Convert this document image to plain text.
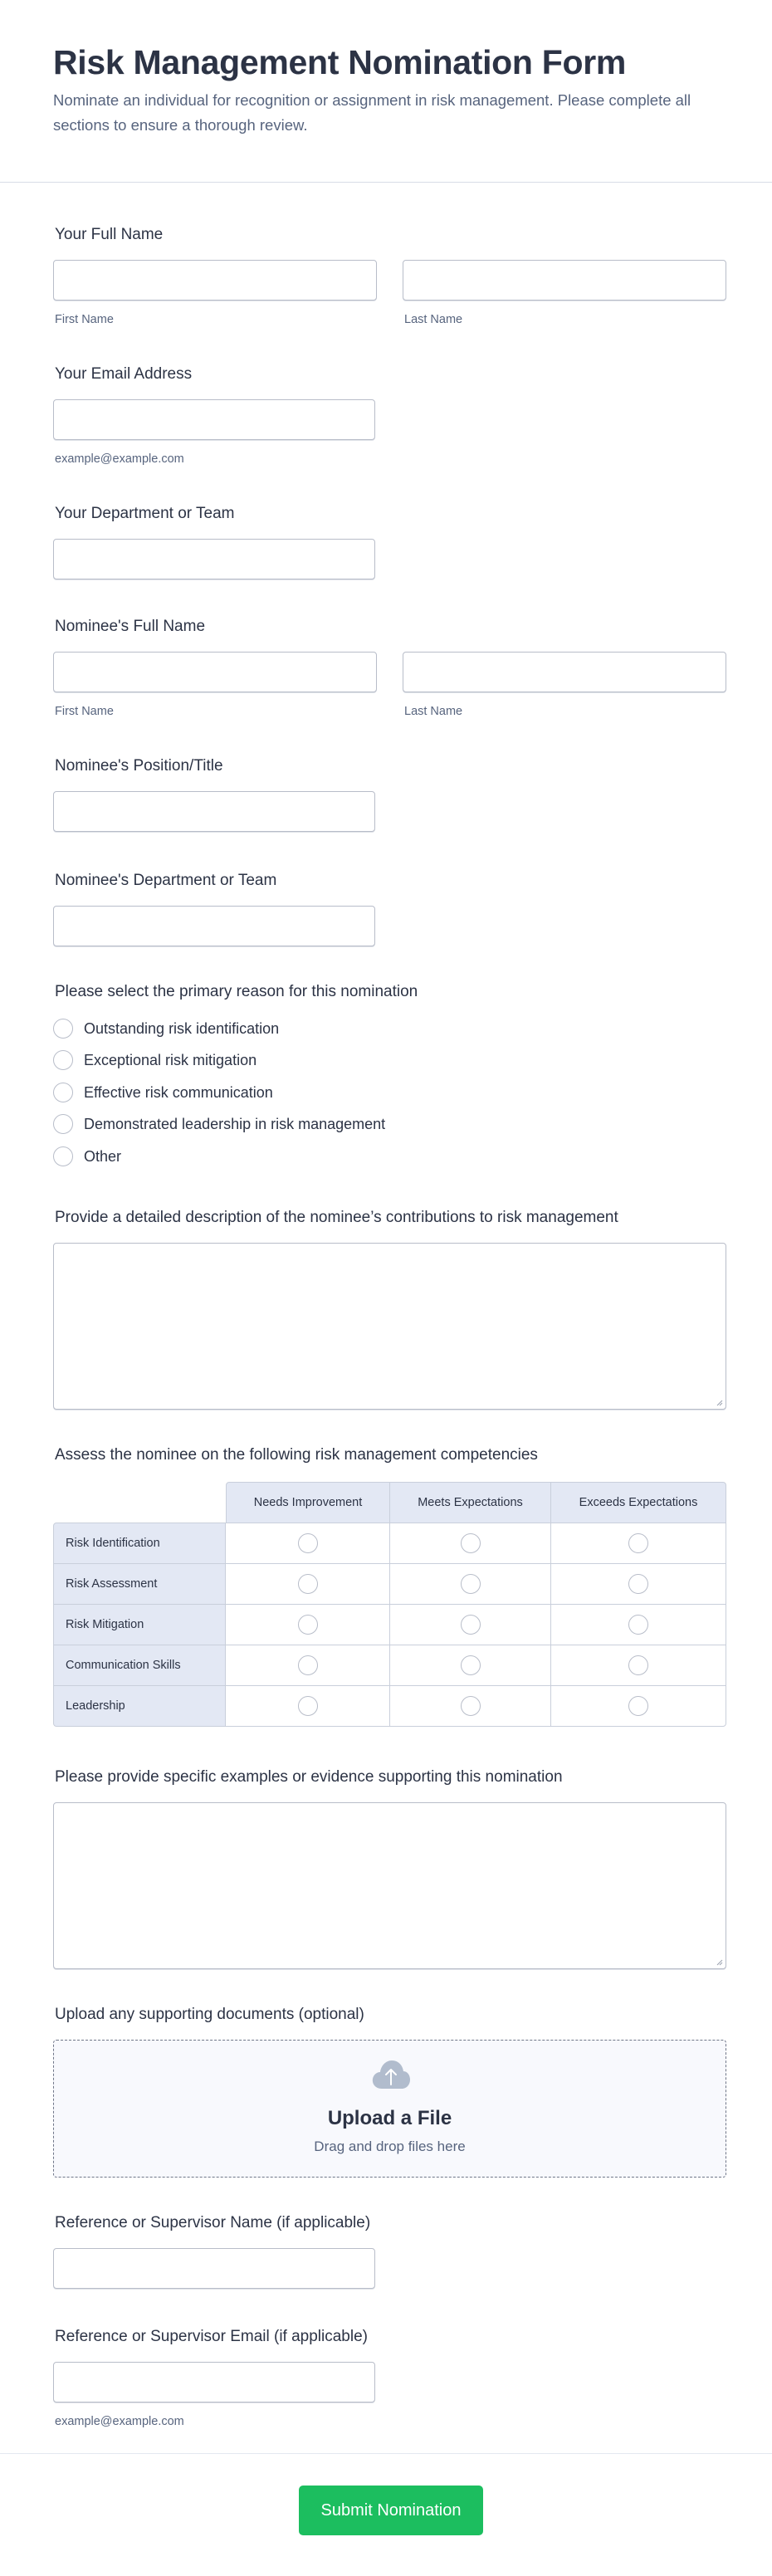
Risk Management Nomination Form

Nominate an individual for recognition or assignment in risk management. Please complete all sections to ensure a thorough review.

Your Full Name
First Name	Last Name
Your Email Address
example@example.com
Your Department or Team
Nominee's Full Name
First Name	Last Name
Nominee's Position/Title
Nominee's Department or Team
Please select the primary reason for this nomination
Outstanding risk identification
Exceptional risk mitigation
Effective risk communication
Demonstrated leadership in risk management
Other
Provide a detailed description of the nominee’s contributions to risk management
Assess the nominee on the following risk management competencies
Needs Improvement	Meets Expectations	Exceeds Expectations
Risk Identification
Risk Assessment
Risk Mitigation
Communication Skills
Leadership
Please provide specific examples or evidence supporting this nomination
Upload any supporting documents (optional)
Upload a File
Drag and drop files here
Reference or Supervisor Name (if applicable)
Reference or Supervisor Email (if applicable)
example@example.com
Submit Nomination
